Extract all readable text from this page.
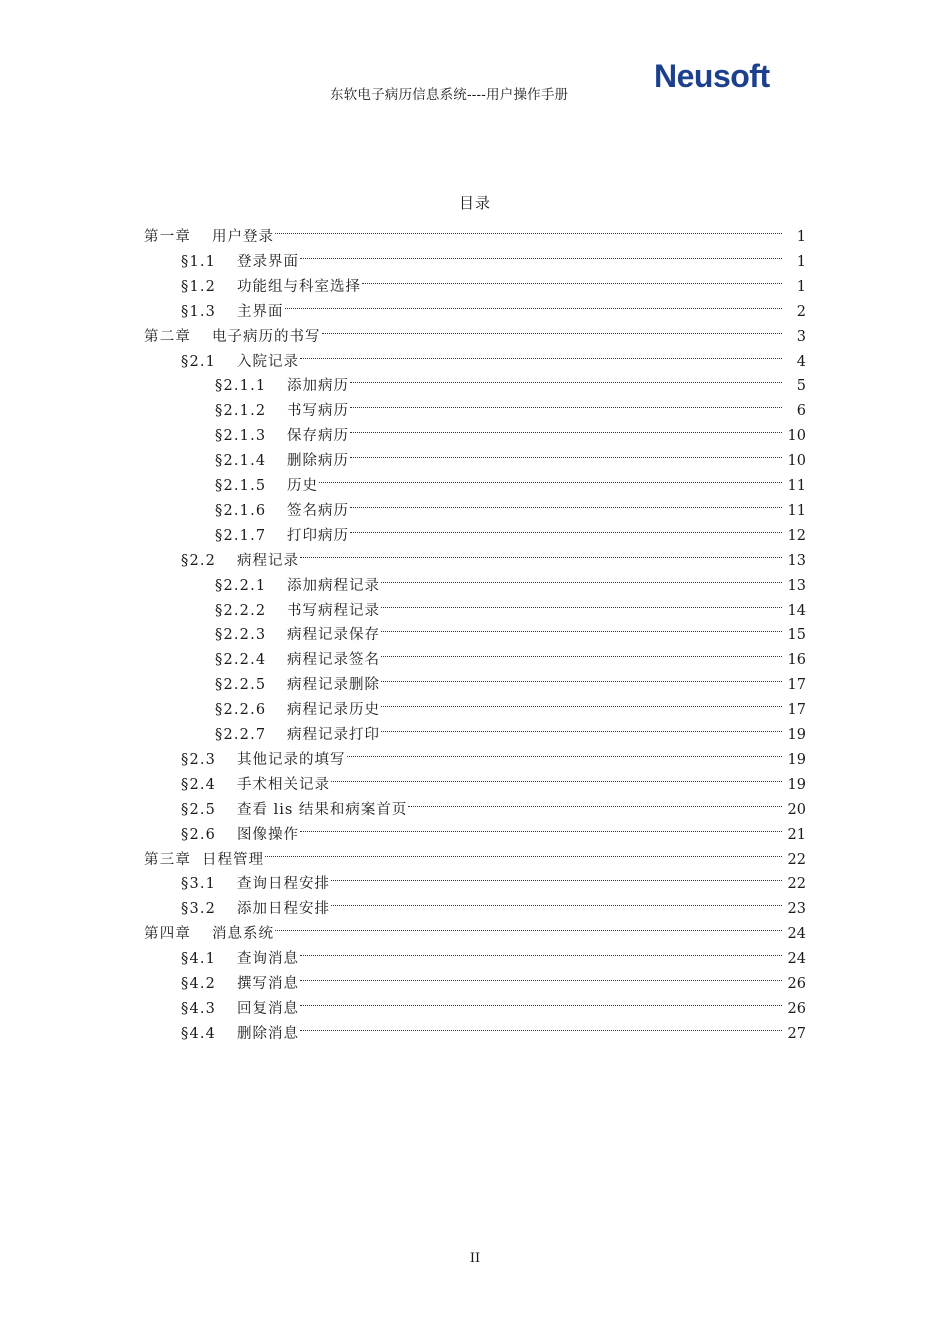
东软电子病历信息系统----用户操作手册
Neusoft
目录
第一章	用户登录	1
§1.1	登录界面	1
§1.2	功能组与科室选择	1
§1.3	主界面	2
第二章	电子病历的书写	3
§2.1	入院记录	4
§2.1.1	添加病历	5
§2.1.2	书写病历	6
§2.1.3	保存病历	10
§2.1.4	删除病历	10
§2.1.5	历史	11
§2.1.6	签名病历	11
§2.1.7	打印病历	12
§2.2	病程记录	13
§2.2.1	添加病程记录	13
§2.2.2	书写病程记录	14
§2.2.3	病程记录保存	15
§2.2.4	病程记录签名	16
§2.2.5	病程记录删除	17
§2.2.6	病程记录历史	17
§2.2.7	病程记录打印	19
§2.3	其他记录的填写	19
§2.4	手术相关记录	19
§2.5	查看 lis 结果和病案首页	20
§2.6	图像操作	21
第三章 日程管理	22
§3.1	查询日程安排	22
§3.2	添加日程安排	23
第四章	消息系统	24
§4.1	查询消息	24
§4.2	撰写消息	26
§4.3	回复消息	26
§4.4	删除消息	27
II
